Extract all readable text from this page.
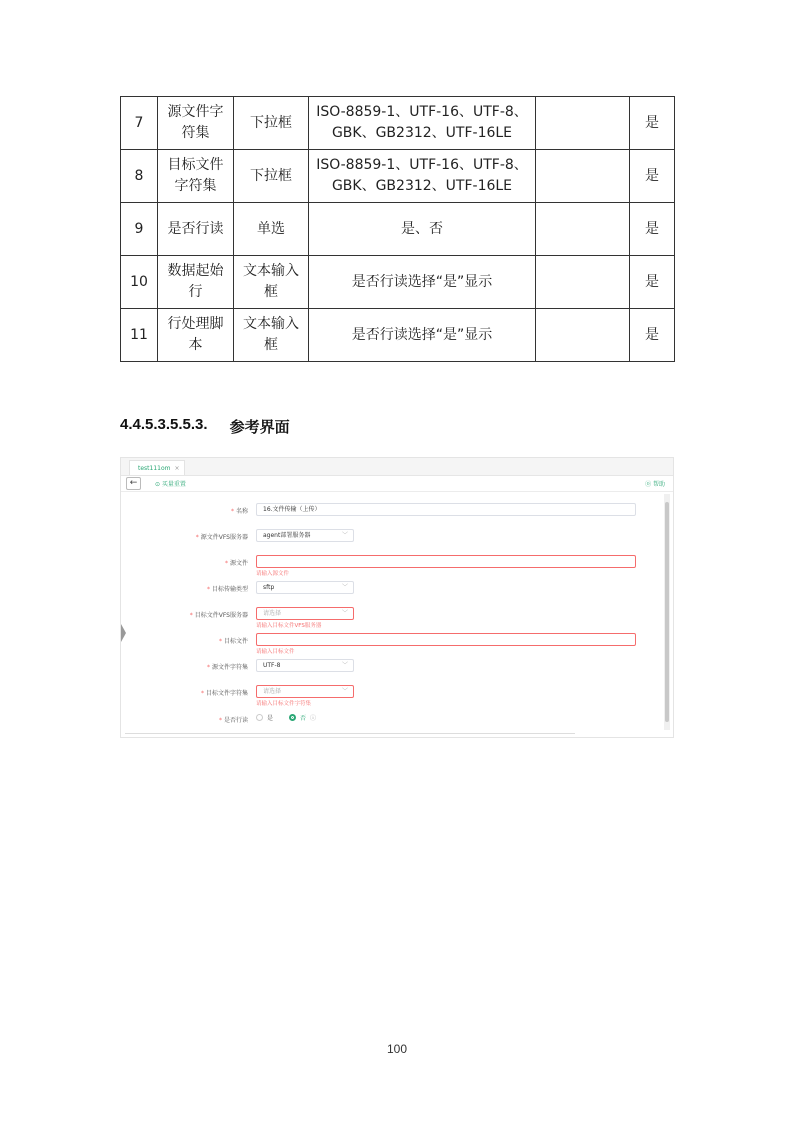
7	源文件字符集	下拉框	ISO-8859-1、UTF-16、UTF-8、GBK、GB2312、UTF-16LE		是
8	目标文件字符集	下拉框	ISO-8859-1、UTF-16、UTF-8、GBK、GB2312、UTF-16LE		是
9	是否行读	单选	是、否		是
10	数据起始行	文本输入框	是否行读选择“是”显示		是
11	行处理脚本	文本输入框	是否行读选择“是”显示		是
4.4.5.3.5.5.3. 参考界面
test111om ×
←	⊙ 买量重置	⓪ 帮助
* 名称	16.文件传输（上传）
* 源文件VFS服务器	agent部署服务器	﹀
* 源文件
请输入源文件
* 目标传输类型	sftp	﹀
* 目标文件VFS服务器	请选择	﹀
请输入目标文件VFS服务器
* 目标文件
请输入目标文件
* 源文件字符集	UTF-8	﹀
* 目标文件字符集	请选择	﹀
请输入目标文件字符集
* 是否行读	是	否 ⓘ
100
